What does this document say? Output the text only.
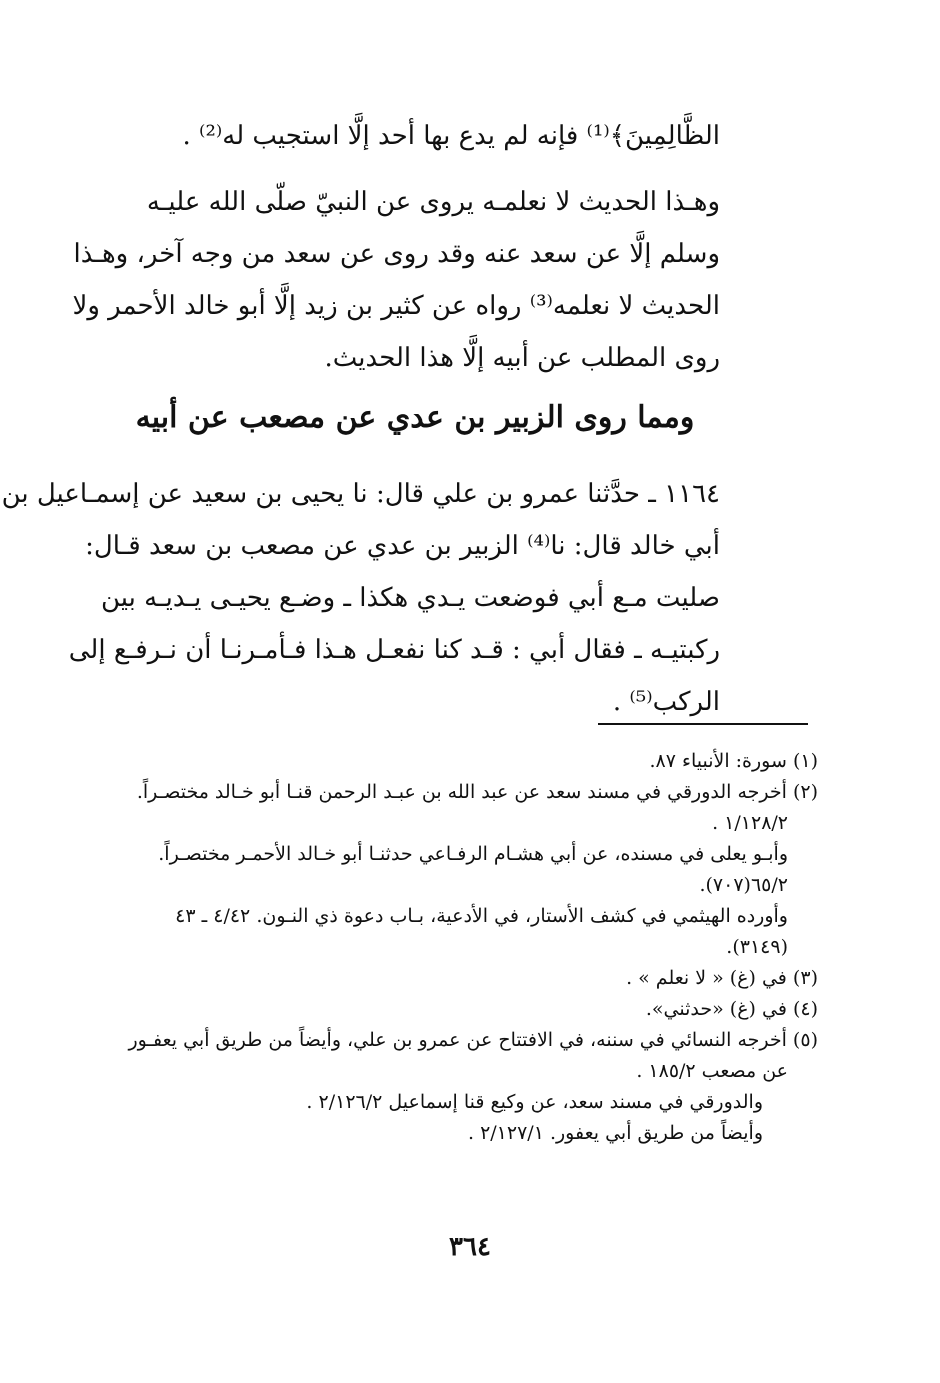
الظَّالِمِينَ﴾⁽¹⁾ فإنه لم يدع بها أحد إلَّا استجيب له⁽²⁾ .
وهـذا الحديث لا نعلمـه يروى عن النبيّ صلّى الله عليـه
وسلم إلَّا عن سعد عنه وقد روى عن سعد من وجه آخر، وهـذا
الحديث لا نعلمه⁽³⁾ رواه عن كثير بن زيد إلَّا أبو خالد الأحمر ولا
روى المطلب عن أبيه إلَّا هذا الحديث.
ومما روى الزبير بن عدي عن مصعب عن أبيه
١١٦٤ ـ حدَّثنا عمرو بن علي قال: نا يحيى بن سعيد عن إسمـاعيل بن
أبي خالد قال: نا⁽⁴⁾ الزبير بن عدي عن مصعب بن سعد قـال:
صليت مـع أبي فوضعت يـدي هكذا ـ وضـع يحيـى يـديـه بين
ركبتيـه ـ فقال أبي : قـد كنا نفعـل هـذا فـأمـرنـا أن نـرفـع إلى
الركب⁽⁵⁾ .
(١) سورة: الأنبياء ٨٧.
(٢) أخرجه الدورقي في مسند سعد عن عبد الله بن عبـد الرحمن قنـا أبو خـالد مختصـراً.
١/١٢٨/٢ .
وأبـو يعلى في مسنده، عن أبي هشـام الرفـاعي حدثنـا أبو خـالد الأحمـر مختصـراً.
٦٥/٢(٧٠٧).
وأورده الهيثمي في كشف الأستار، في الأدعية، بـاب دعوة ذي النـون. ٤/٤٢ ـ ٤٣
(٣١٤٩).
(٣) في (غ) « لا نعلم » .
(٤) في (غ) «حدثني».
(٥) أخرجه النسائي في سننه، في الافتتاح عن عمرو بن علي، وأيضاً من طريق أبي يعفـور
عن مصعب ١٨٥/٢ .
والدورقي في مسند سعد، عن وكيع قنا إسماعيل ٢/١٢٦/٢ .
وأيضاً من طريق أبي يعفور. ٢/١٢٧/١ .
٣٦٤
